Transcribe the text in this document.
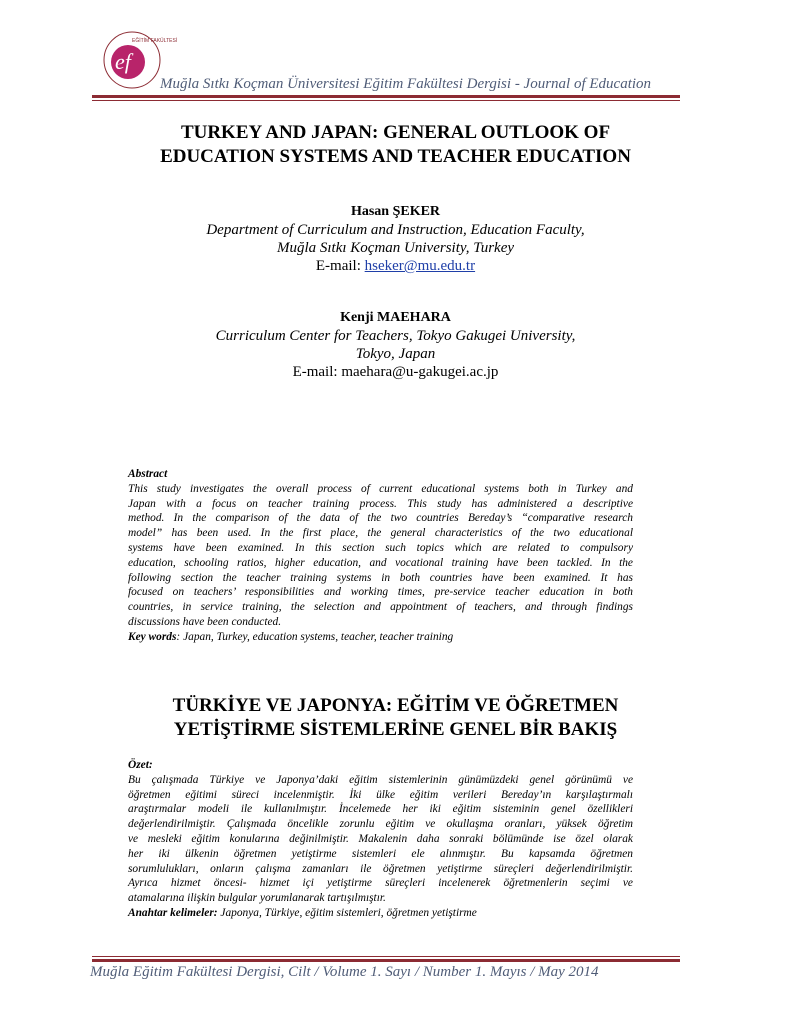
ef
EĞİTİM FAKÜLTESİ
Muğla Sıtkı Koçman Üniversitesi Eğitim Fakültesi Dergisi - Journal of Education
TURKEY AND JAPAN: GENERAL OUTLOOK OF
EDUCATION SYSTEMS AND TEACHER EDUCATION
Hasan ŞEKER
Department of Curriculum and Instruction, Education Faculty,
Muğla Sıtkı Koçman University, Turkey
E-mail: hseker@mu.edu.tr
Kenji MAEHARA
Curriculum Center for Teachers, Tokyo Gakugei University,
Tokyo, Japan
E-mail: maehara@u-gakugei.ac.jp
Abstract
This study investigates the overall process of current educational systems both in Turkey and
Japan with a focus on teacher training process. This study has administered a descriptive
method. In the comparison of the data of the two countries Bereday’s “comparative research
model” has been used. In the first place, the general characteristics of the two educational
systems have been examined. In this section such topics which are related to compulsory
education, schooling ratios, higher education, and vocational training have been tackled. In the
following section the teacher training systems in both countries have been examined. It has
focused on teachers’ responsibilities and working times, pre-service teacher education in both
countries, in service training, the selection and appointment of teachers, and through findings
discussions have been conducted.
Key words: Japan, Turkey, education systems, teacher, teacher training
TÜRKİYE VE JAPONYA: EĞİTİM VE ÖĞRETMEN
YETİŞTİRME SİSTEMLERİNE GENEL BİR BAKIŞ
Özet:
Bu çalışmada Türkiye ve Japonya’daki eğitim sistemlerinin günümüzdeki genel görünümü ve
öğretmen eğitimi süreci incelenmiştir. İki ülke eğitim verileri Bereday’ın karşılaştırmalı
araştırmalar modeli ile kullanılmıştır. İncelemede her iki eğitim sisteminin genel özellikleri
değerlendirilmiştir. Çalışmada öncelikle zorunlu eğitim ve okullaşma oranları, yüksek öğretim
ve mesleki eğitim konularına değinilmiştir. Makalenin daha sonraki bölümünde ise özel olarak
her iki ülkenin öğretmen yetiştirme sistemleri ele alınmıştır. Bu kapsamda öğretmen
sorumlulukları, onların çalışma zamanları ile öğretmen yetiştirme süreçleri değerlendirilmiştir.
Ayrıca hizmet öncesi- hizmet içi yetiştirme süreçleri incelenerek öğretmenlerin seçimi ve
atamalarına ilişkin bulgular yorumlanarak tartışılmıştır.
Anahtar kelimeler: Japonya, Türkiye, eğitim sistemleri, öğretmen yetiştirme
Muğla Eğitim Fakültesi Dergisi, Cilt / Volume 1. Sayı / Number 1. Mayıs / May 2014
